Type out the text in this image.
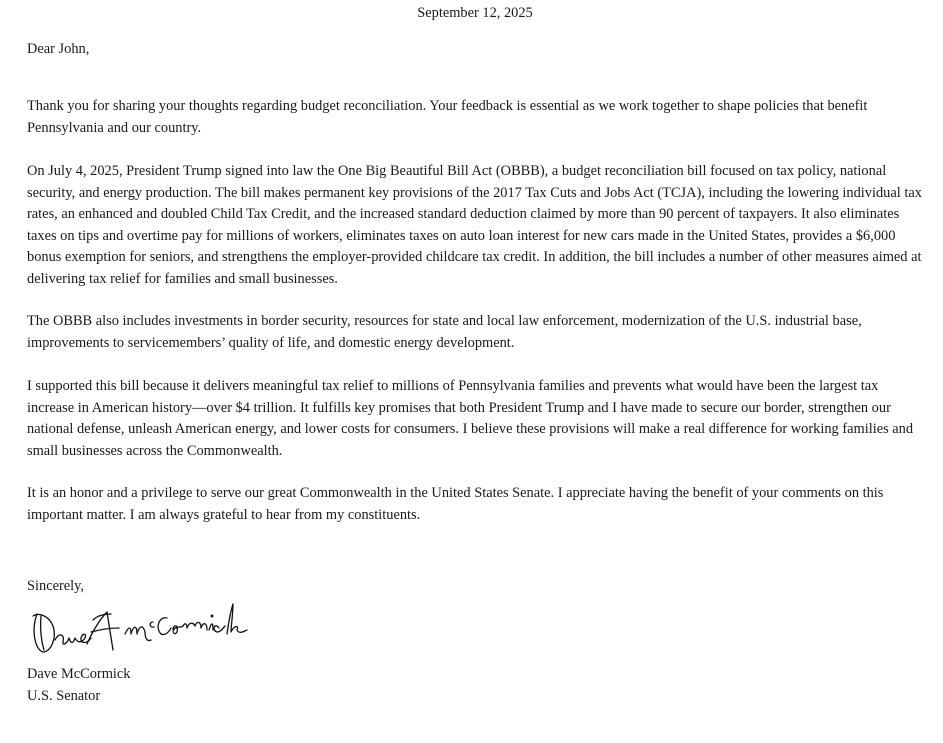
September 12, 2025
Dear John,

Thank you for sharing your thoughts regarding budget reconciliation. Your feedback is essential as we work together to shape policies that benefit Pennsylvania and our country.

On July 4, 2025, President Trump signed into law the One Big Beautiful Bill Act (OBBB), a budget reconciliation bill focused on tax policy, national security, and energy production. The bill makes permanent key provisions of the 2017 Tax Cuts and Jobs Act (TCJA), including the lowering individual tax rates, an enhanced and doubled Child Tax Credit, and the increased standard deduction claimed by more than 90 percent of taxpayers. It also eliminates taxes on tips and overtime pay for millions of workers, eliminates taxes on auto loan interest for new cars made in the United States, provides a $6,000 bonus exemption for seniors, and strengthens the employer-provided childcare tax credit. In addition, the bill includes a number of other measures aimed at delivering tax relief for families and small businesses.

The OBBB also includes investments in border security, resources for state and local law enforcement, modernization of the U.S. industrial base, improvements to servicemembers’ quality of life, and domestic energy development.

I supported this bill because it delivers meaningful tax relief to millions of Pennsylvania families and prevents what would have been the largest tax increase in American history—over $4 trillion. It fulfills key promises that both President Trump and I have made to secure our border, strengthen our national defense, unleash American energy, and lower costs for consumers. I believe these provisions will make a real difference for working families and small businesses across the Commonwealth.

It is an honor and a privilege to serve our great Commonwealth in the United States Senate. I appreciate having the benefit of your comments on this important matter. I am always grateful to hear from my constituents.

Sincerely,
Dave McCormick
U.S. Senator
